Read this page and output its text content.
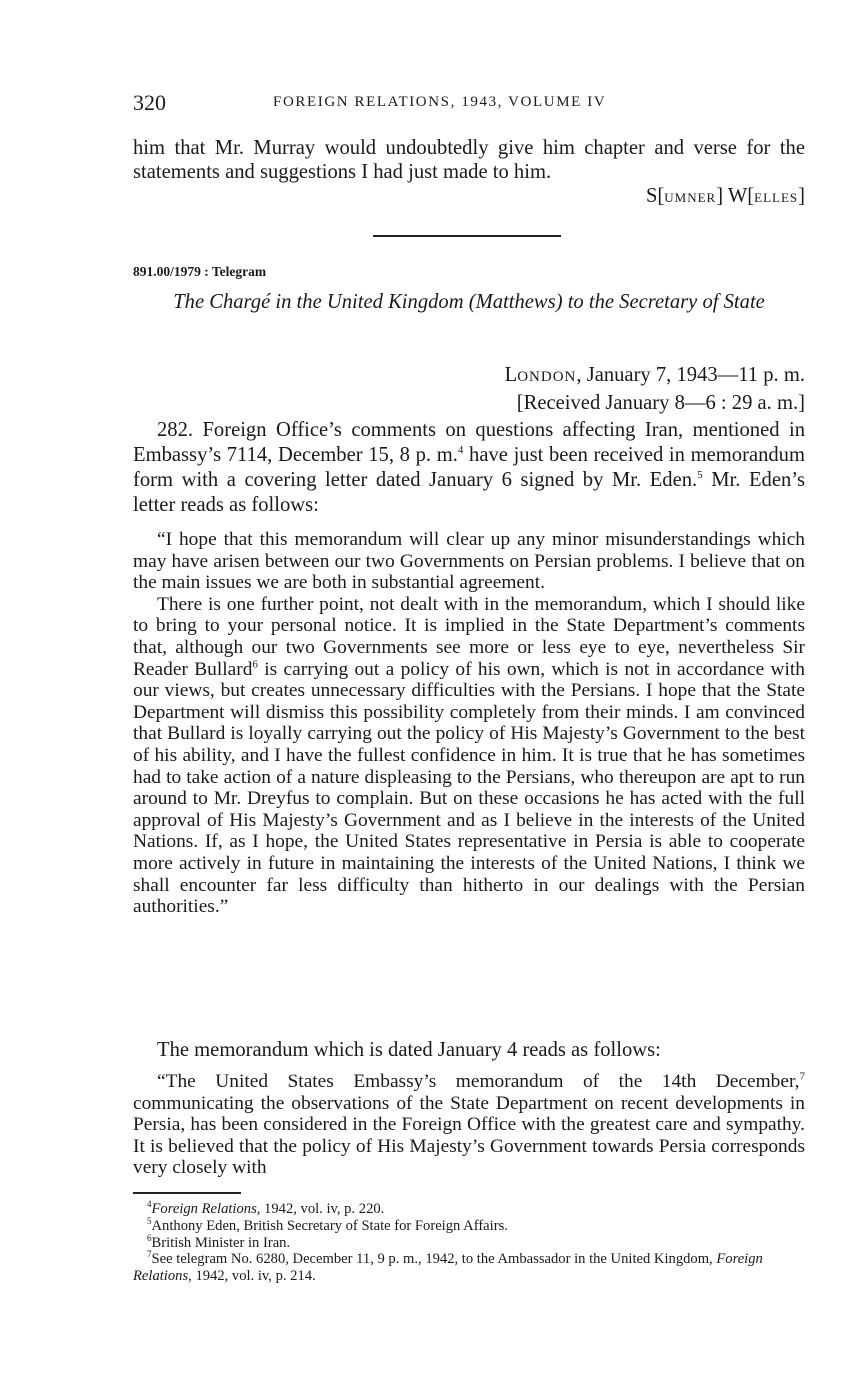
320	FOREIGN RELATIONS, 1943, VOLUME IV

him that Mr. Murray would undoubtedly give him chapter and verse for the statements and suggestions I had just made to him.

S[UMNER] W[ELLES]

891.00/1979 : Telegram
The Chargé in the United Kingdom (Matthews) to the Secretary of State
LONDON, January 7, 1943—11 p. m.
[Received January 8—6 : 29 a. m.]

282. Foreign Office’s comments on questions affecting Iran, mentioned in Embassy’s 7114, December 15, 8 p. m.$^4$ have just been received in memorandum form with a covering letter dated January 6 signed by Mr. Eden.$^5$ Mr. Eden’s letter reads as follows:

“I hope that this memorandum will clear up any minor misunderstandings which may have arisen between our two Governments on Persian problems. I believe that on the main issues we are both in substantial agreement.

There is one further point, not dealt with in the memorandum, which I should like to bring to your personal notice. It is implied in the State Department’s comments that, although our two Governments see more or less eye to eye, nevertheless Sir Reader Bullard$^6$ is carrying out a policy of his own, which is not in accordance with our views, but creates unnecessary difficulties with the Persians. I hope that the State Department will dismiss this possibility completely from their minds. I am convinced that Bullard is loyally carrying out the policy of His Majesty’s Government to the best of his ability, and I have the fullest confidence in him. It is true that he has sometimes had to take action of a nature displeasing to the Persians, who thereupon are apt to run around to Mr. Dreyfus to complain. But on these occasions he has acted with the full approval of His Majesty’s Government and as I believe in the interests of the United Nations. If, as I hope, the United States representative in Persia is able to cooperate more actively in future in maintaining the interests of the United Nations, I think we shall encounter far less difficulty than hitherto in our dealings with the Persian authorities.”

The memorandum which is dated January 4 reads as follows:

“The United States Embassy’s memorandum of the 14th December,$^7$ communicating the observations of the State Department on recent developments in Persia, has been considered in the Foreign Office with the greatest care and sympathy. It is believed that the policy of His Majesty’s Government towards Persia corresponds very closely with

$^4$Foreign Relations, 1942, vol. iv, p. 220.

$^5$Anthony Eden, British Secretary of State for Foreign Affairs.

$^6$British Minister in Iran.

$^7$See telegram No. 6280, December 11, 9 p. m., 1942, to the Ambassador in the United Kingdom, Foreign Relations, 1942, vol. iv, p. 214.
